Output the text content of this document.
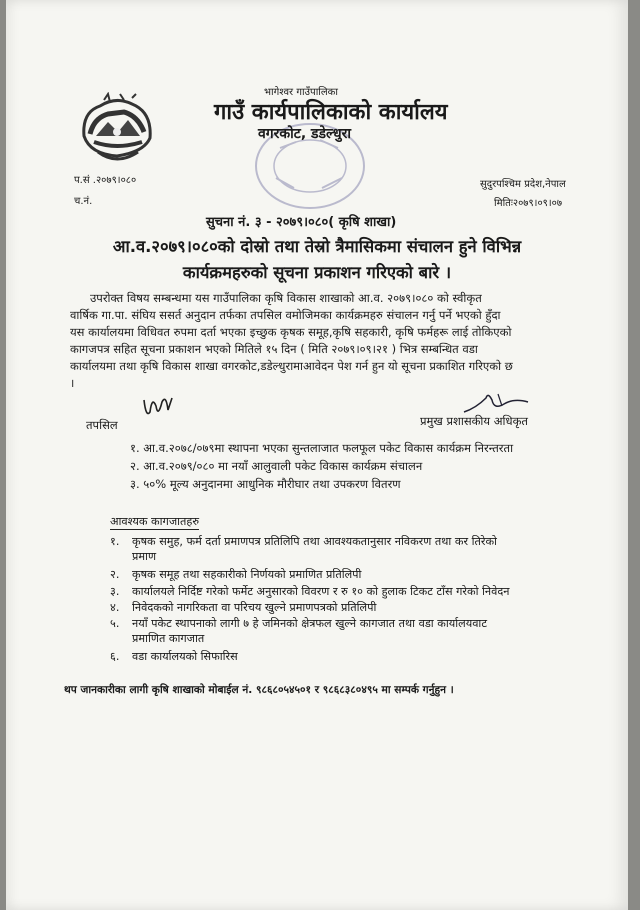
भागेश्वर गाउँपालिका
गाउँ कार्यपालिकाको कार्यालय
वगरकोट, डडेल्धुरा
प.सं .२०७९।०८०
च.नं.
सुदुरपश्चिम प्रदेश,नेपाल
मितिः२०७९।०९।०७
सुचना नं. ३ - २०७९।०८०( कृषि शाखा)
आ.व.२०७९।०८०को दोस्रो तथा तेस्रो त्रैमासिकमा संचालन हुने विभिन्न
कार्यक्रमहरुको सूचना प्रकाशन गरिएको बारे ।
उपरोक्त विषय सम्बन्धमा यस गाउँपालिका कृषि विकास शाखाको आ.व. २०७९।०८० को स्वीकृत
वार्षिक गा.पा. संघिय ससर्त अनुदान तर्फका तपसिल वमोजिमका कार्यक्रमहरु संचालन गर्नु पर्ने भएको हुँदा
यस कार्यालयमा विधिवत रुपमा दर्ता भएका इच्छुक कृषक समूह,कृषि सहकारी, कृषि फर्महरू लाई तोकिएको
कागजपत्र सहित सूचना प्रकाशन भएको मितिले १५ दिन ( मिति २०७९।०९।२१ ) भित्र सम्बन्धित वडा
कार्यालयमा तथा कृषि विकास शाखा वगरकोट,डडेल्धुरामाआवेदन पेश गर्न हुन यो सूचना प्रकाशित गरिएको छ
।
प्रमुख प्रशासकीय अधिकृत
तपसिल
१. आ.व.२०७८/०७९मा स्थापना भएका सुन्तलाजात फलफूल पकेट विकास कार्यक्रम निरन्तरता
२. आ.व.२०७९/०८० मा नयाँ आलुवाली पकेट विकास कार्यक्रम संचालन
३. ५०% मूल्य अनुदानमा आधुनिक मौरीघार तथा उपकरण वितरण
आवश्यक कागजातहरु
१. कृषक समुह, फर्म दर्ता प्रमाणपत्र प्रतिलिपि तथा आवश्यकतानुसार नविकरण तथा कर तिरेको
प्रमाण
२. कृषक समूह तथा सहकारीको निर्णयको प्रमाणित प्रतिलिपी
३. कार्यालयले निर्दिष्ट गरेको फर्मेट अनुसारको विवरण र रु १० को हुलाक टिकट टाँस गरेको निवेदन
४. निवेदकको नागरिकता वा परिचय खुल्ने प्रमाणपत्रको प्रतिलिपी
५. नयाँ पकेट स्थापनाको लागी ७ हे जमिनको क्षेत्रफल खुल्ने कागजात तथा वडा कार्यालयवाट
प्रमाणित कागजात
६. वडा कार्यालयको सिफारिस
थप जानकारीका लागी कृषि शाखाको मोबाईल नं. ९८६८०५४५०१ र ९८६८३८०४९५ मा सम्पर्क गर्नुहुन ।
